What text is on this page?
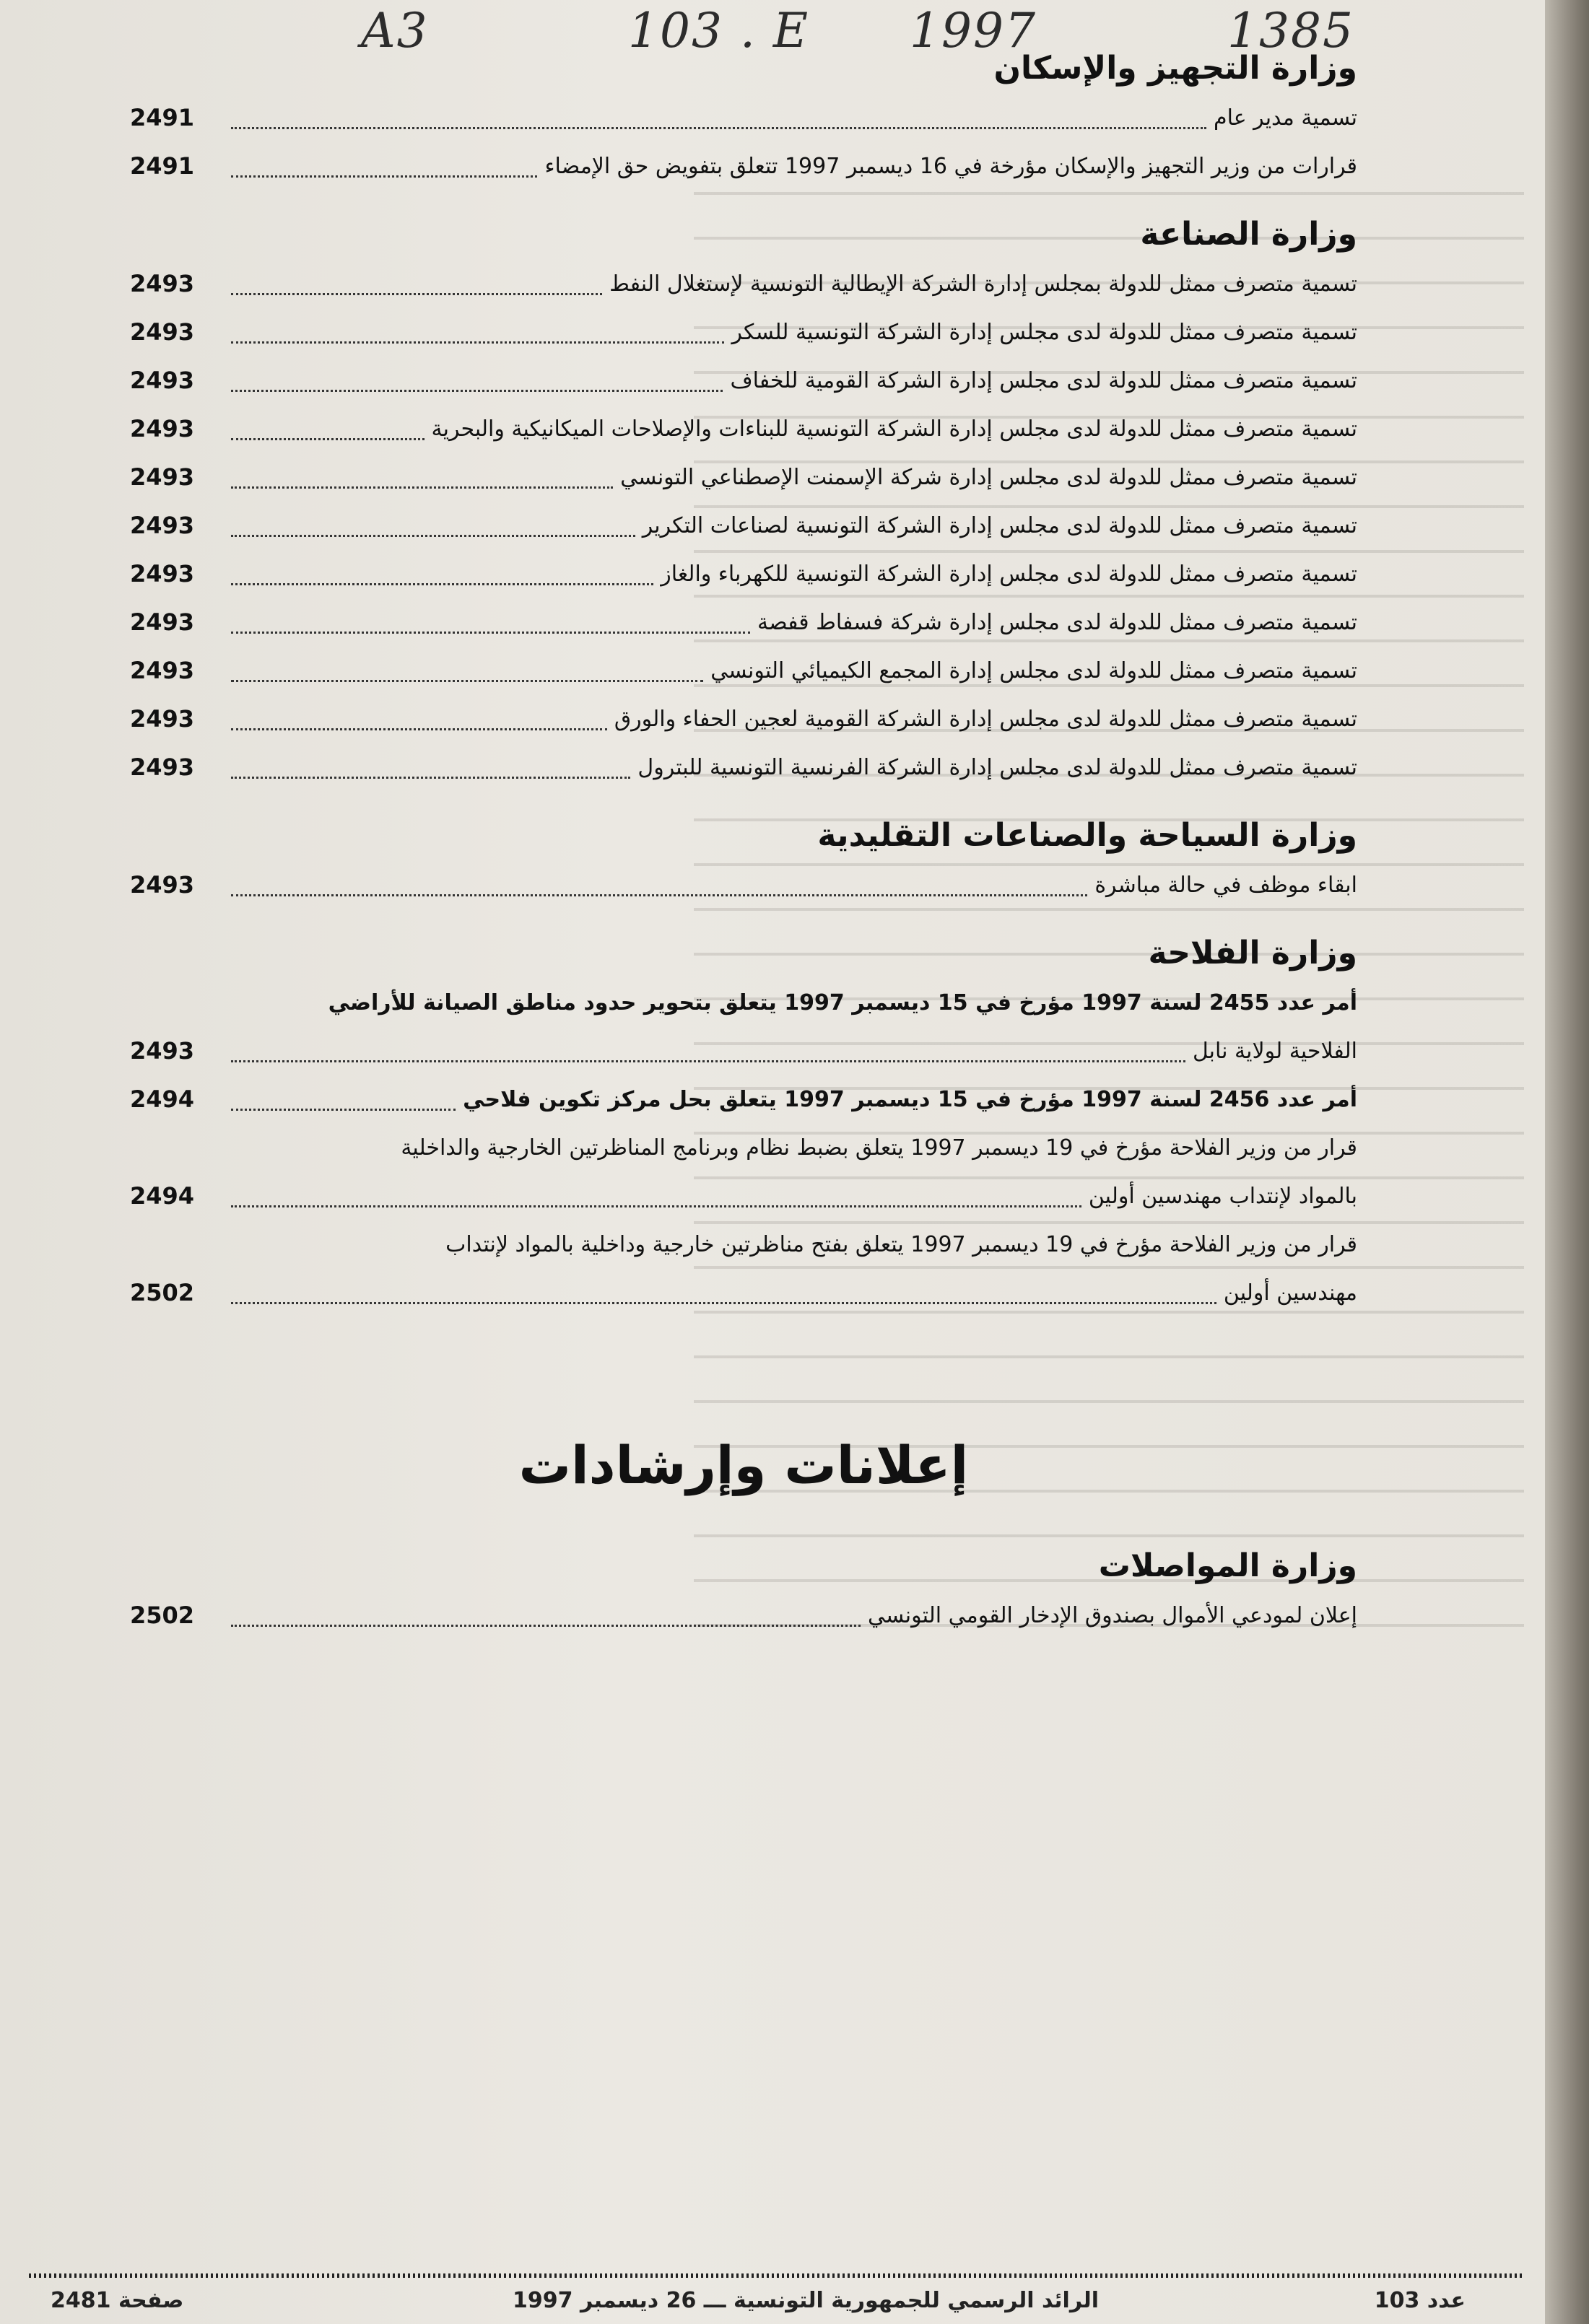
A3	103 . E 1997	1385
وزارة التجهيز والإسكان
تسمية مدير عام
2491
قرارات من وزير التجهيز والإسكان مؤرخة في 16 ديسمبر 1997 تتعلق بتفويض حق الإمضاء
2491
وزارة الصناعة
تسمية متصرف ممثل للدولة بمجلس إدارة الشركة الإيطالية التونسية لإستغلال النفط
2493
تسمية متصرف ممثل للدولة لدى مجلس إدارة الشركة التونسية للسكر
2493
تسمية متصرف ممثل للدولة لدى مجلس إدارة الشركة القومية للخفاف
2493
تسمية متصرف ممثل للدولة لدى مجلس إدارة الشركة التونسية للبناءات والإصلاحات الميكانيكية والبحرية
2493
تسمية متصرف ممثل للدولة لدى مجلس إدارة شركة الإسمنت الإصطناعي التونسي
2493
تسمية متصرف ممثل للدولة لدى مجلس إدارة الشركة التونسية لصناعات التكرير
2493
تسمية متصرف ممثل للدولة لدى مجلس إدارة الشركة التونسية للكهرباء والغاز
2493
تسمية متصرف ممثل للدولة لدى مجلس إدارة شركة فسفاط قفصة
2493
تسمية متصرف ممثل للدولة لدى مجلس إدارة المجمع الكيميائي التونسي
2493
تسمية متصرف ممثل للدولة لدى مجلس إدارة الشركة القومية لعجين الحفاء والورق
2493
تسمية متصرف ممثل للدولة لدى مجلس إدارة الشركة الفرنسية التونسية للبترول
2493
وزارة السياحة والصناعات التقليدية
ابقاء موظف في حالة مباشرة
2493
وزارة الفلاحة
أمر عدد 2455 لسنة 1997 مؤرخ في 15 ديسمبر 1997 يتعلق بتحوير حدود مناطق الصيانة للأراضي
الفلاحية لولاية نابل
2493
أمر عدد 2456 لسنة 1997 مؤرخ في 15 ديسمبر 1997 يتعلق بحل مركز تكوين فلاحي
2494
قرار من وزير الفلاحة مؤرخ في 19 ديسمبر 1997 يتعلق بضبط نظام وبرنامج المناظرتين الخارجية والداخلية
بالمواد لإنتداب مهندسين أولين
2494
قرار من وزير الفلاحة مؤرخ في 19 ديسمبر 1997 يتعلق بفتح مناظرتين خارجية وداخلية بالمواد لإنتداب
مهندسين أولين
2502
إعلانات وإرشادات
وزارة المواصلات
إعلان لمودعي الأموال بصندوق الإدخار القومي التونسي
2502
عدد 103
الرائد الرسمي للجمهورية التونسية ـــ 26 ديسمبر 1997
صفحة 2481
